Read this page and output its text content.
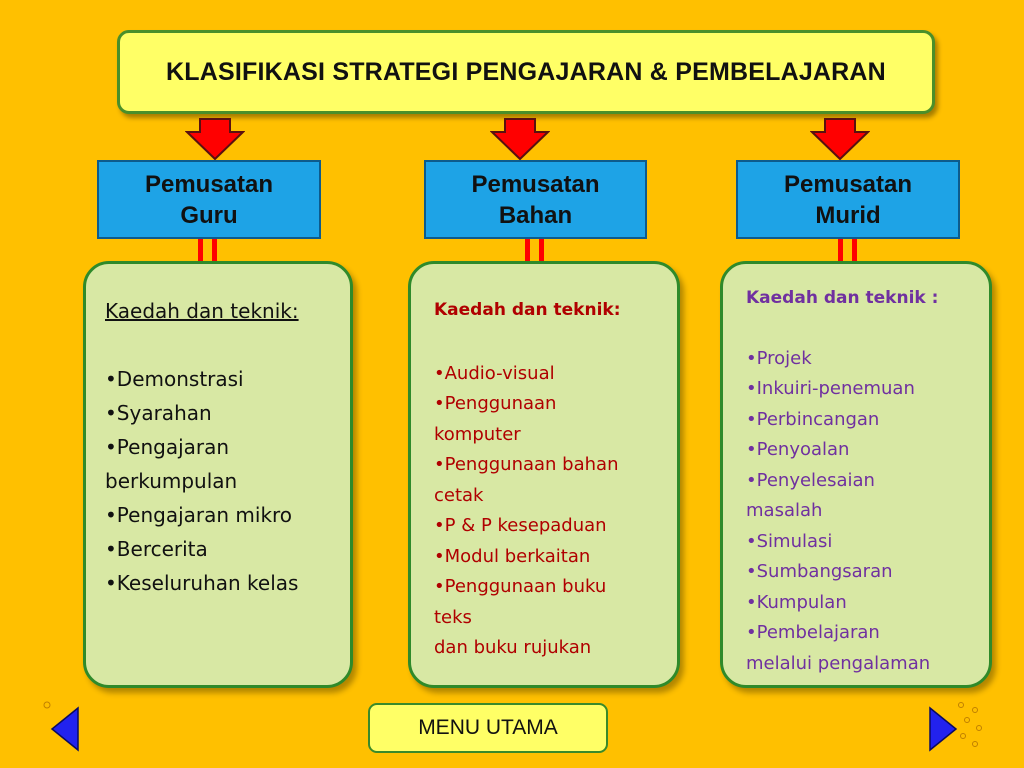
KLASIFIKASI STRATEGI PENGAJARAN & PEMBELAJARAN
Pemusatan
Guru
Pemusatan
Bahan
Pemusatan
Murid
Kaedah dan teknik:
•Demonstrasi
•Syarahan
•Pengajaran
berkumpulan
•Pengajaran mikro
•Bercerita
•Keseluruhan kelas
Kaedah dan teknik:
•Audio-visual
•Penggunaan
komputer
•Penggunaan bahan
cetak
•P & P kesepaduan
•Modul berkaitan
•Penggunaan buku
teks
dan buku rujukan
Kaedah dan teknik :
•Projek
•Inkuiri-penemuan
•Perbincangan
•Penyoalan
•Penyelesaian
masalah
•Simulasi
•Sumbangsaran
•Kumpulan
•Pembelajaran
melalui pengalaman
MENU UTAMA
